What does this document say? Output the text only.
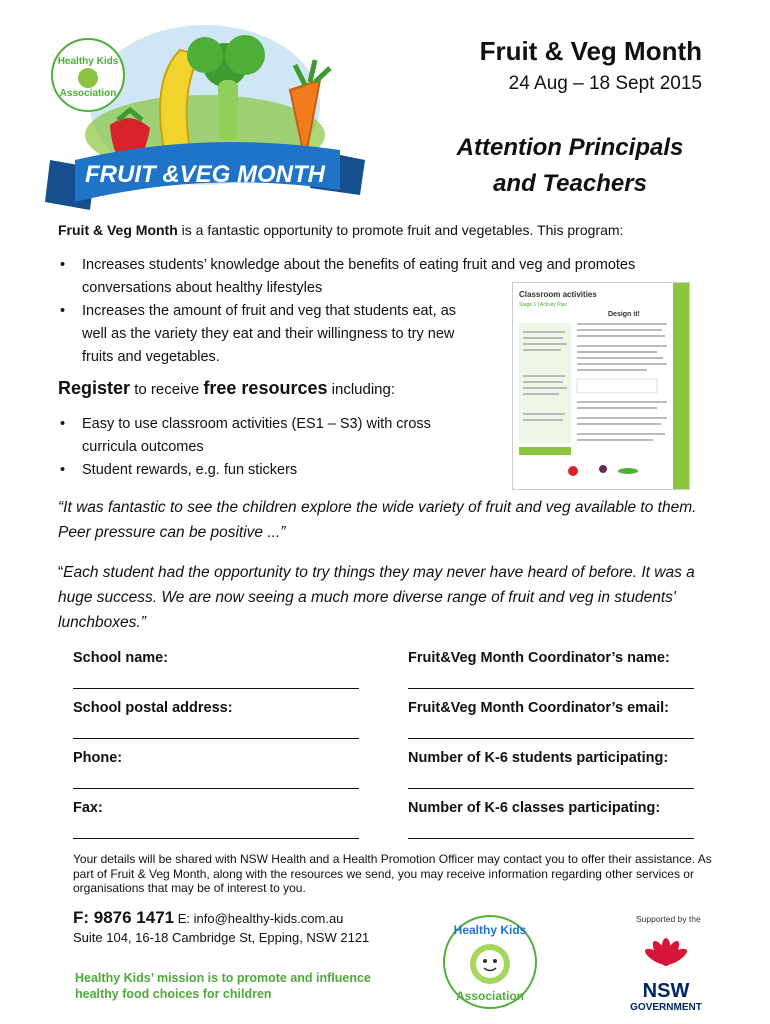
Healthy Kids
Association
FRUIT &VEG MONTH
Fruit & Veg Month
24 Aug – 18 Sept 2015
Attention Principals
and Teachers
Fruit & Veg Month is a fantastic opportunity to promote fruit and vegetables. This program:
• Increases students’ knowledge about the benefits of eating fruit and veg and promotes conversations about healthy lifestyles
• Increases the amount of fruit and veg that students eat, as well as the variety they eat and their willingness to try new fruits and vegetables.
Register to receive free resources including:
• Easy to use classroom activities (ES1 – S3) with cross curricula outcomes
• Student rewards, e.g. fun stickers
Classroom activities
Stage 1 | Activity Plan
Design it!
“It was fantastic to see the children explore the wide variety of fruit and veg available to them. Peer pressure can be positive ...”
“Each student had the opportunity to try things they may never have heard of before. It was a huge success. We are now seeing a much more diverse range of fruit and veg in students' lunchboxes.”
School name:	Fruit&Veg Month Coordinator’s name:
School postal address:	Fruit&Veg Month Coordinator’s email:
Phone:	Number of K-6 students participating:
Fax:	Number of K-6 classes participating:
Your details will be shared with NSW Health and a Health Promotion Officer may contact you to offer their assistance. As part of Fruit & Veg Month, along with the resources we send, you may receive information regarding other services or organisations that may be of interest to you.
F: 9876 1471 E: info@healthy-kids.com.au
Suite 104, 16-18 Cambridge St, Epping, NSW 2121
Healthy Kids’ mission is to promote and influence healthy food choices for children
Healthy Kids
Association
Supported by the
NSW
GOVERNMENT
